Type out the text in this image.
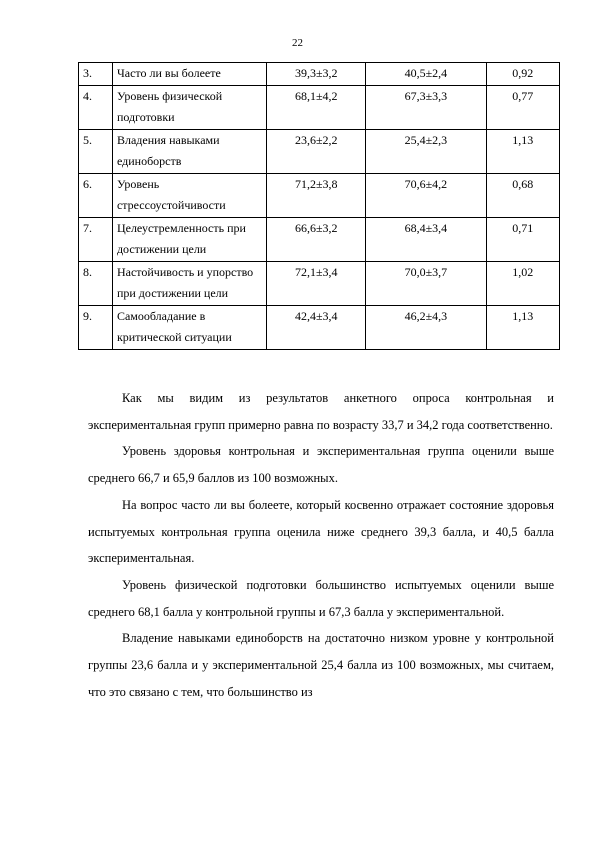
22
3.	Часто ли вы болеете	39,3±3,2	40,5±2,4	0,92
4.	Уровень физической подготовки	68,1±4,2	67,3±3,3	0,77
5.	Владения навыками единоборств	23,6±2,2	25,4±2,3	1,13
6.	Уровень стрессоустойчивости	71,2±3,8	70,6±4,2	0,68
7.	Целеустремленность при достижении цели	66,6±3,2	68,4±3,4	0,71
8.	Настойчивость и упорство при достижении цели	72,1±3,4	70,0±3,7	1,02
9.	Самообладание в критической ситуации	42,4±3,4	46,2±4,3	1,13

Как мы видим из результатов анкетного опроса контрольная и экспериментальная групп примерно равна по возрасту 33,7 и 34,2 года соответственно.

Уровень здоровья контрольная и экспериментальная группа оценили выше среднего 66,7 и 65,9 баллов из 100 возможных.

На вопрос часто ли вы болеете, который косвенно отражает состояние здоровья испытуемых контрольная группа оценила ниже среднего 39,3 балла, и 40,5 балла экспериментальная.

Уровень физической подготовки большинство испытуемых оценили выше среднего 68,1 балла у контрольной группы и 67,3 балла у экспериментальной.

Владение навыками единоборств на достаточно низком уровне у контрольной группы 23,6 балла и у экспериментальной 25,4 балла из 100 возможных, мы считаем, что это связано с тем, что большинство из
